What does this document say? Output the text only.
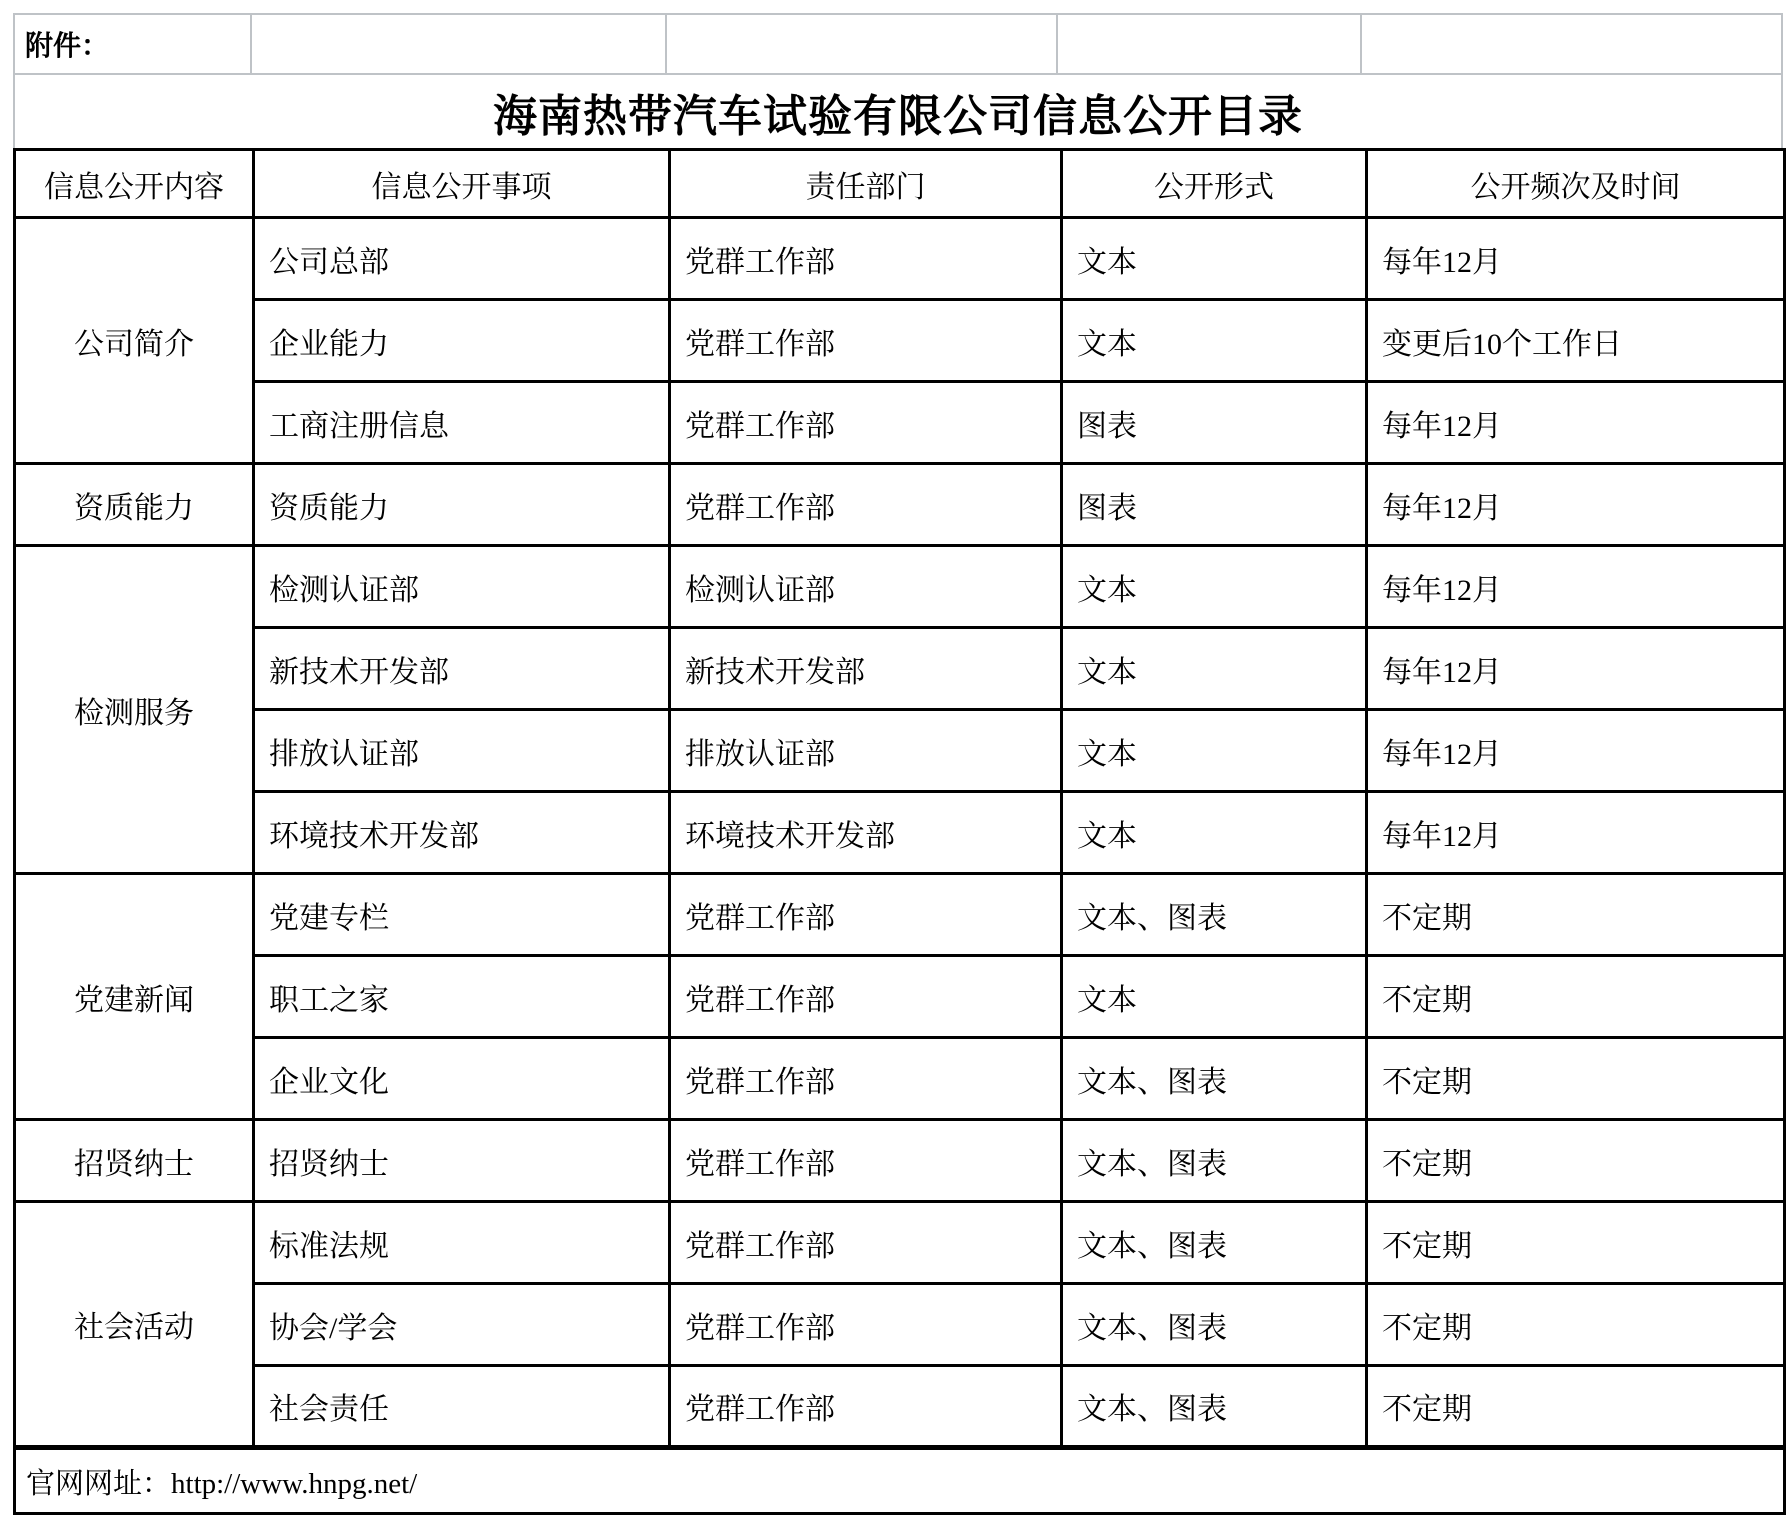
附件：
海南热带汽车试验有限公司信息公开目录
信息公开内容	信息公开事项	责任部门	公开形式	公开频次及时间
公司简介	公司总部	党群工作部	文本	每年12月
	企业能力	党群工作部	文本	变更后10个工作日
	工商注册信息	党群工作部	图表	每年12月
资质能力	资质能力	党群工作部	图表	每年12月
检测服务	检测认证部	检测认证部	文本	每年12月
	新技术开发部	新技术开发部	文本	每年12月
	排放认证部	排放认证部	文本	每年12月
	环境技术开发部	环境技术开发部	文本	每年12月
党建新闻	党建专栏	党群工作部	文本、图表	不定期
	职工之家	党群工作部	文本	不定期
	企业文化	党群工作部	文本、图表	不定期
招贤纳士	招贤纳士	党群工作部	文本、图表	不定期
社会活动	标准法规	党群工作部	文本、图表	不定期
	协会/学会	党群工作部	文本、图表	不定期
	社会责任	党群工作部	文本、图表	不定期
官网网址：http://www.hnpg.net/				
